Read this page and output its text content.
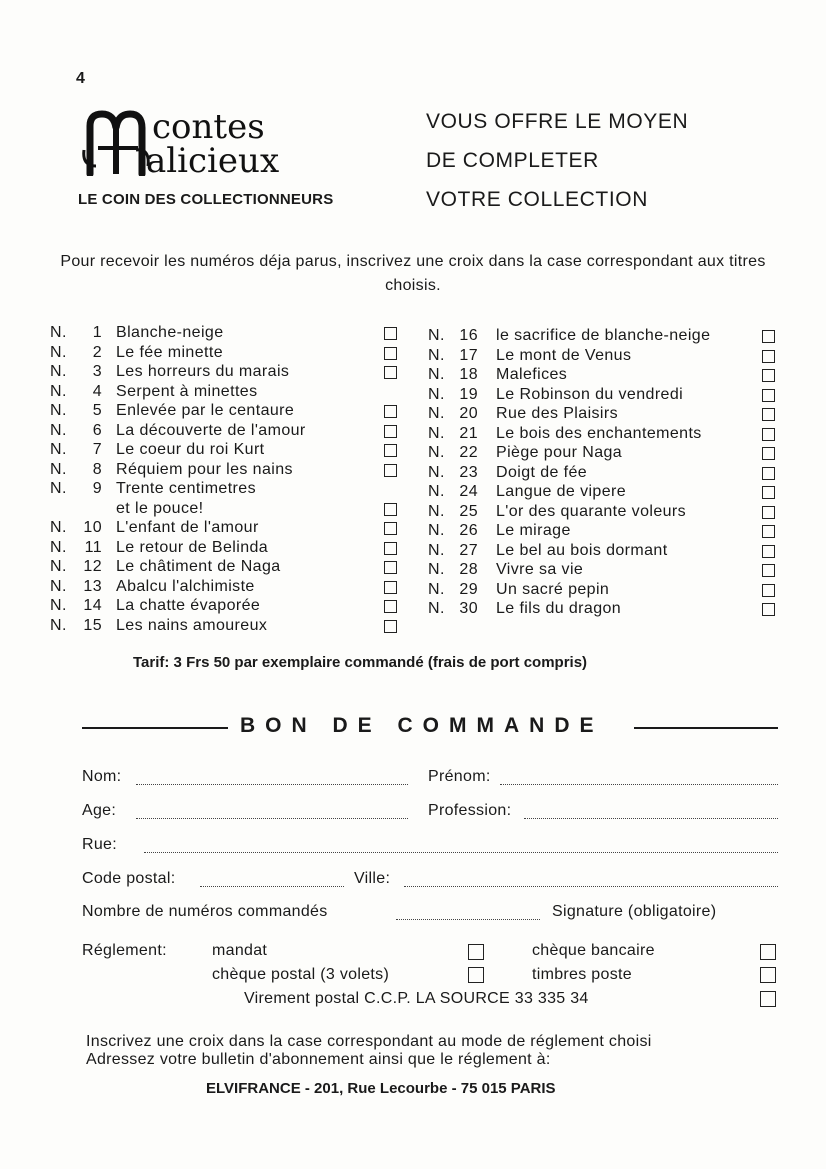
4
contes
alicieux
LE COIN DES COLLECTIONNEURS
VOUS OFFRE LE MOYEN
DE COMPLETER
VOTRE COLLECTION
Pour recevoir les numéros déja parus, inscrivez une croix dans la case correspondant aux titres choisis.
N.	1 Blanche-neige
N.	2 Le fée minette
N.	3 Les horreurs du marais
N.	4 Serpent à minettes
N.	5 Enlevée par le centaure
N.	6 La découverte de l'amour
N.	7 Le coeur du roi Kurt
N.	8 Réquiem pour les nains
N.	9 Trente centimetres
et le pouce!
N. 10 L'enfant de l'amour
N. 11 Le retour de Belinda
N. 12 Le châtiment de Naga
N. 13 Abalcu l'alchimiste
N. 14 La chatte évaporée
N. 15 Les nains amoureux
N. 16 le sacrifice de blanche-neige
N. 17 Le mont de Venus
N. 18 Malefices
N. 19 Le Robinson du vendredi
N. 20 Rue des Plaisirs
N. 21 Le bois des enchantements
N. 22 Piège pour Naga
N. 23 Doigt de fée
N. 24 Langue de vipere
N. 25 L'or des quarante voleurs
N. 26 Le mirage
N. 27 Le bel au bois dormant
N. 28 Vivre sa vie
N. 29 Un sacré pepin
N. 30 Le fils du dragon
Tarif: 3 Frs 50 par exemplaire commandé (frais de port compris)
BON DE COMMANDE
Nom:	Prénom:
Age:	Profession:
Rue:
Code postal:	Ville:
Nombre de numéros commandés	Signature (obligatoire)
Réglement:	mandat	chèque bancaire
chèque postal (3 volets)	timbres poste
Virement postal C.C.P. LA SOURCE 33 335 34
Inscrivez une croix dans la case correspondant au mode de réglement choisi
Adressez votre bulletin d'abonnement ainsi que le réglement à:
ELVIFRANCE - 201, Rue Lecourbe - 75 015 PARIS
